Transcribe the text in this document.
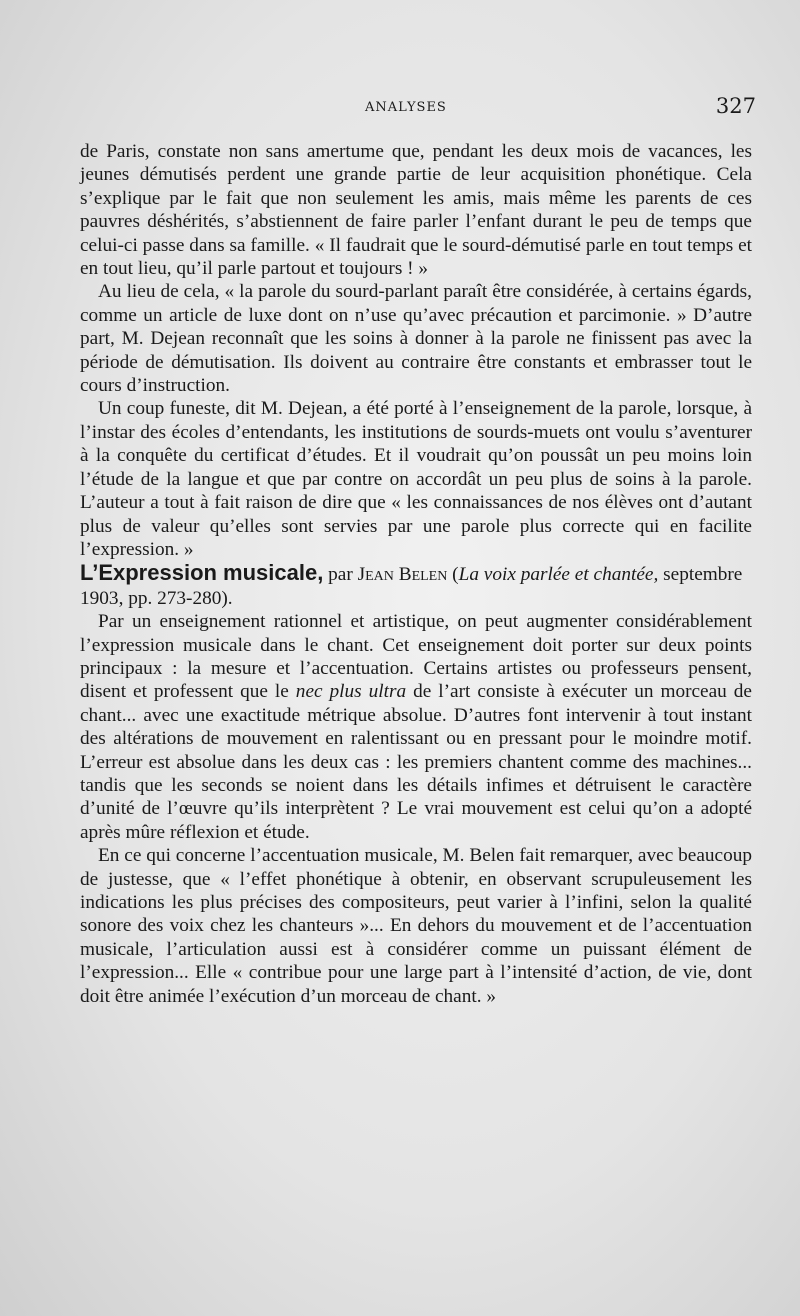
ANALYSES	327

de Paris, constate non sans amertume que, pendant les deux mois de vacances, les jeunes démutisés perdent une grande partie de leur acquisition phonétique. Cela s’explique par le fait que non seulement les amis, mais même les parents de ces pauvres déshérités, s’abstiennent de faire parler l’enfant durant le peu de temps que celui-ci passe dans sa famille. « Il faudrait que le sourd-démutisé parle en tout temps et en tout lieu, qu’il parle partout et toujours ! »

Au lieu de cela, « la parole du sourd-parlant paraît être considérée, à certains égards, comme un article de luxe dont on n’use qu’avec précaution et parcimonie. » D’autre part, M. Dejean reconnaît que les soins à donner à la parole ne finissent pas avec la période de démutisation. Ils doivent au contraire être constants et embrasser tout le cours d’instruction.

Un coup funeste, dit M. Dejean, a été porté à l’enseignement de la parole, lorsque, à l’instar des écoles d’entendants, les institutions de sourds-muets ont voulu s’aventurer à la conquête du certificat d’études. Et il voudrait qu’on poussât un peu moins loin l’étude de la langue et que par contre on accordât un peu plus de soins à la parole. L’auteur a tout à fait raison de dire que « les connaissances de nos élèves ont d’autant plus de valeur qu’elles sont servies par une parole plus correcte qui en facilite l’expression. »

L’Expression musicale, par Jean Belen (La voix parlée et chantée, septembre 1903, pp. 273-280).

Par un enseignement rationnel et artistique, on peut augmenter considérablement l’expression musicale dans le chant. Cet enseignement doit porter sur deux points principaux : la mesure et l’accentuation. Certains artistes ou professeurs pensent, disent et professent que le nec plus ultra de l’art consiste à exécuter un morceau de chant... avec une exactitude métrique absolue. D’autres font intervenir à tout instant des altérations de mouvement en ralentissant ou en pressant pour le moindre motif. L’erreur est absolue dans les deux cas : les premiers chantent comme des machines... tandis que les seconds se noient dans les détails infimes et détruisent le caractère d’unité de l’œuvre qu’ils interprètent ? Le vrai mouvement est celui qu’on a adopté après mûre réflexion et étude.

En ce qui concerne l’accentuation musicale, M. Belen fait remarquer, avec beaucoup de justesse, que « l’effet phonétique à obtenir, en observant scrupuleusement les indications les plus précises des compositeurs, peut varier à l’infini, selon la qualité sonore des voix chez les chanteurs »... En dehors du mouvement et de l’accentuation musicale, l’articulation aussi est à considérer comme un puissant élément de l’expression... Elle « contribue pour une large part à l’intensité d’action, de vie, dont doit être animée l’exécution d’un morceau de chant. »
